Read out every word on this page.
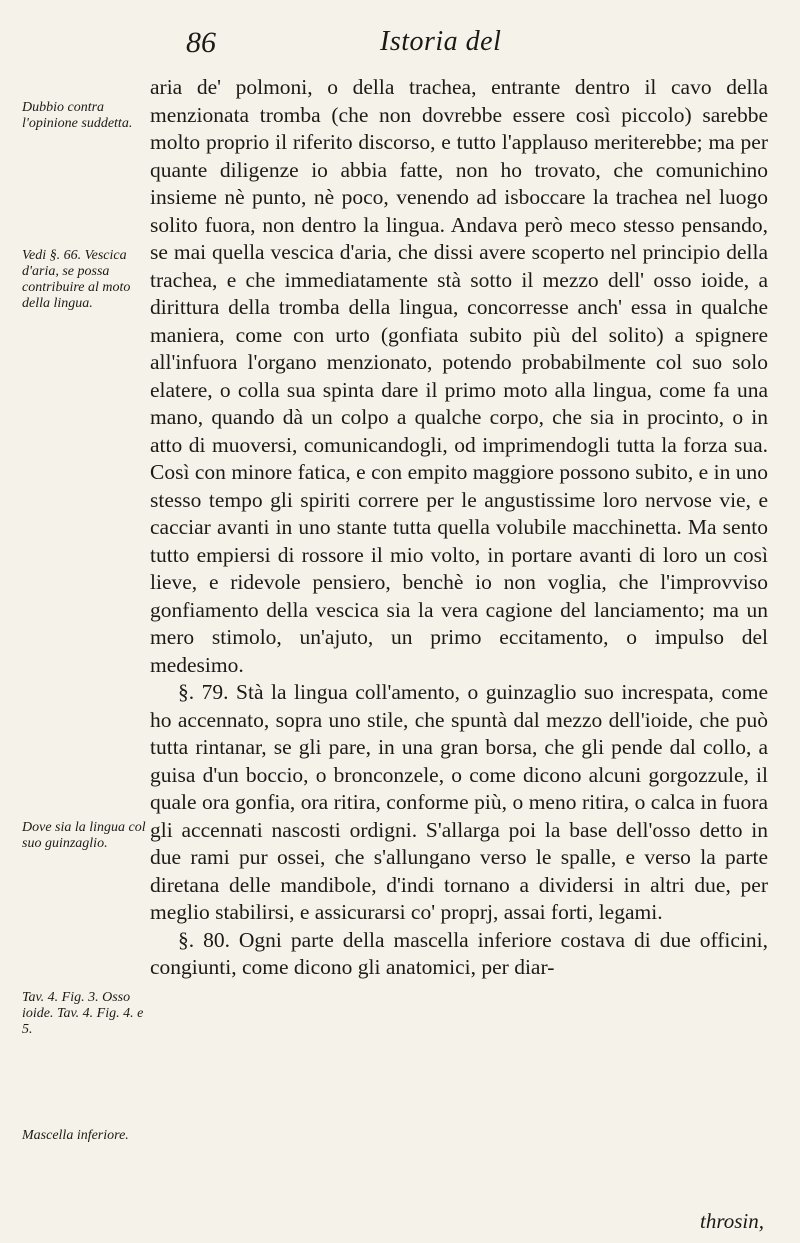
86	Istoria del
Dubbio contra l'opinione suddetta.
Vedi §. 66. Vescica d'aria, se possa contribuire al moto della lingua.
Dove sia la lingua col suo guinzaglio.
Tav. 4. Fig. 3. Osso ioide. Tav. 4. Fig. 4. e 5.
Mascella inferiore.

aria de' polmoni, o della trachea, entrante dentro il cavo della menzionata tromba (che non dovrebbe essere così piccolo) sarebbe molto proprio il riferito discorso, e tutto l'applauso meriterebbe; ma per quante diligenze io abbia fatte, non ho trovato, che comunichino insieme nè punto, nè poco, venendo ad isboccare la trachea nel luogo solito fuora, non dentro la lingua. Andava però meco stesso pensando, se mai quella vescica d'aria, che dissi avere scoperto nel principio della trachea, e che immediatamente stà sotto il mezzo dell' osso ioide, a dirittura della tromba della lingua, concorresse anch' essa in qualche maniera, come con urto (gonfiata subito più del solito) a spignere all'infuora l'organo menzionato, potendo probabilmente col suo solo elatere, o colla sua spinta dare il primo moto alla lingua, come fa una mano, quando dà un colpo a qualche corpo, che sia in procinto, o in atto di muoversi, comunicandogli, od imprimendogli tutta la forza sua. Così con minore fatica, e con empito maggiore possono subito, e in uno stesso tempo gli spiriti correre per le angustissime loro nervose vie, e cacciar avanti in uno stante tutta quella volubile macchinetta. Ma sento tutto empiersi di rossore il mio volto, in portare avanti di loro un così lieve, e ridevole pensiero, benchè io non voglia, che l'improvviso gonfiamento della vescica sia la vera cagione del lanciamento; ma un mero stimolo, un'ajuto, un primo eccitamento, o impulso del medesimo.

§. 79. Stà la lingua coll'amento, o guinzaglio suo increspata, come ho accennato, sopra uno stile, che spuntà dal mezzo dell'ioide, che può tutta rintanar, se gli pare, in una gran borsa, che gli pende dal collo, a guisa d'un boccio, o bronconzele, o come dicono alcuni gorgozzule, il quale ora gonfia, ora ritira, conforme più, o meno ritira, o calca in fuora gli accennati nascosti ordigni. S'allarga poi la base dell'osso detto in due rami pur ossei, che s'allungano verso le spalle, e verso la parte diretana delle mandibole, d'indi tornano a dividersi in altri due, per meglio stabilirsi, e assicurarsi co' proprj, assai forti, legami.

§. 80. Ogni parte della mascella inferiore costava di due officini, congiunti, come dicono gli anatomici, per diar-

throsin,
